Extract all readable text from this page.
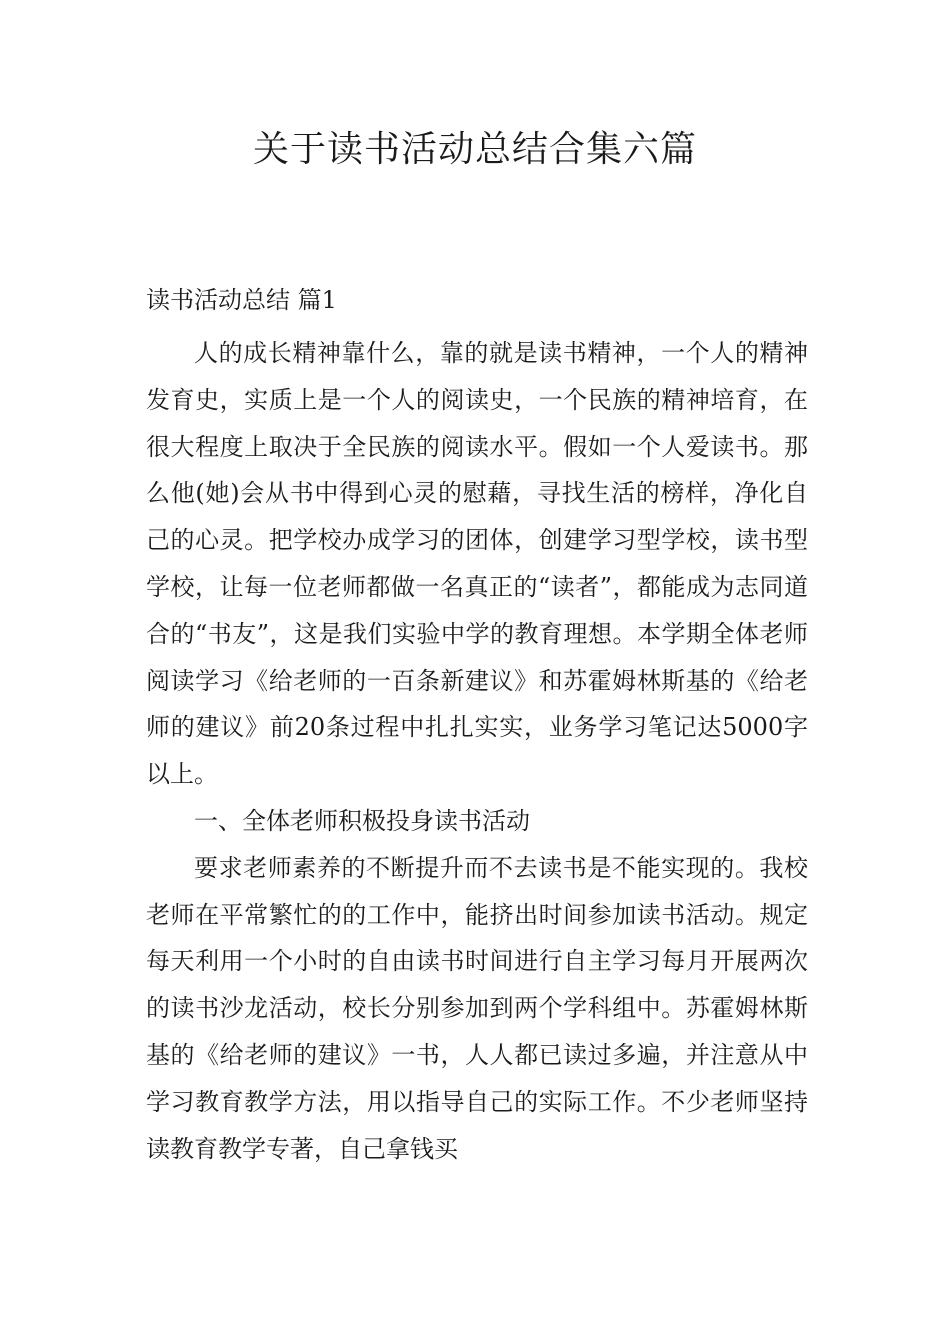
关于读书活动总结合集六篇
读书活动总结 篇1

人的成长精神靠什么，靠的就是读书精神，一个人的精神发育史，实质上是一个人的阅读史，一个民族的精神培育，在很大程度上取决于全民族的阅读水平。假如一个人爱读书。那么他(她)会从书中得到心灵的慰藉，寻找生活的榜样，净化自己的心灵。把学校办成学习的团体，创建学习型学校，读书型学校，让每一位老师都做一名真正的“读者”，都能成为志同道合的“书友”，这是我们实验中学的教育理想。本学期全体老师阅读学习《给老师的一百条新建议》和苏霍姆林斯基的《给老师的建议》前20条过程中扎扎实实，业务学习笔记达5000字以上。

一、全体老师积极投身读书活动

要求老师素养的不断提升而不去读书是不能实现的。我校老师在平常繁忙的的工作中，能挤出时间参加读书活动。规定每天利用一个小时的自由读书时间进行自主学习每月开展两次的读书沙龙活动，校长分别参加到两个学科组中。苏霍姆林斯基的《给老师的建议》一书，人人都已读过多遍，并注意从中学习教育教学方法，用以指导自己的实际工作。不少老师坚持读教育教学专著，自己拿钱买
